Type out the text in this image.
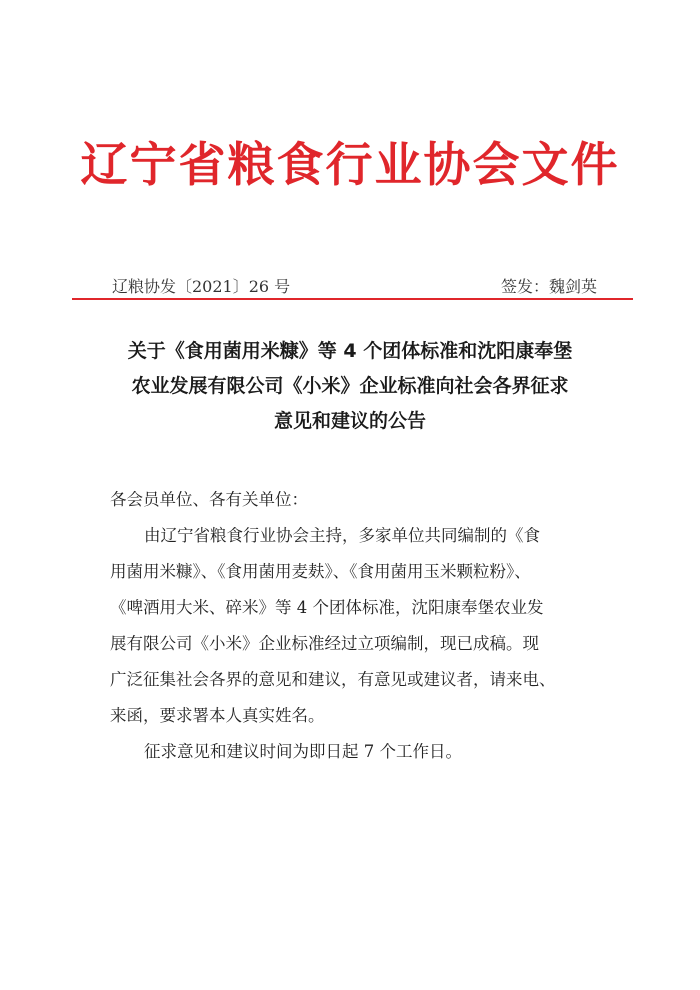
辽宁省粮食行业协会文件
辽粮协发〔2021〕26 号	签发：魏剑英
关于《食用菌用米糠》等 4 个团体标准和沈阳康奉堡
农业发展有限公司《小米》企业标准向社会各界征求
意见和建议的公告
各会员单位、各有关单位：
由辽宁省粮食行业协会主持，多家单位共同编制的《食
用菌用米糠》、《食用菌用麦麸》、《食用菌用玉米颗粒粉》、
《啤酒用大米、碎米》等 4 个团体标准，沈阳康奉堡农业发
展有限公司《小米》企业标准经过立项编制，现已成稿。现
广泛征集社会各界的意见和建议，有意见或建议者，请来电、
来函，要求署本人真实姓名。
征求意见和建议时间为即日起 7 个工作日。
